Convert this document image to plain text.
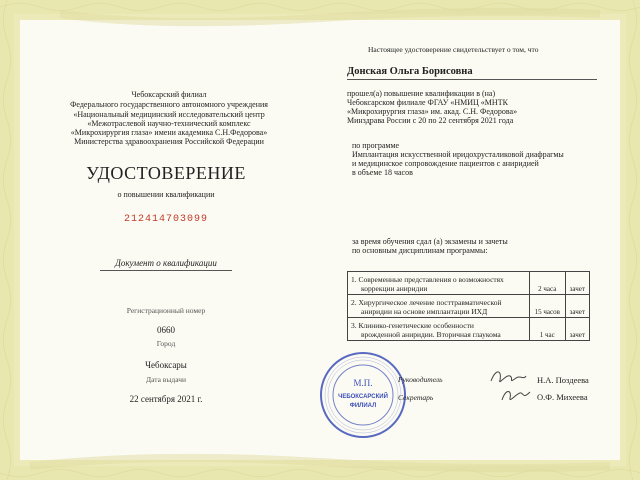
Чебоксарский филиал
Федерального государственного автономного учреждения
«Национальный медицинский исследовательский центр
«Межотраслевой научно-технический комплекс
«Микрохирургия глаза» имени академика С.Н.Федорова»
Министерства здравоохранения Российской Федерации
УДОСТОВЕРЕНИЕ
о повышении квалификации
212414703099
Документ о квалификации
Регистрационный номер
0660
Город
Чебоксары
Дата выдачи
22 сентября 2021 г.
Настоящее удостоверение свидетельствует о том, что
Донская Ольга Борисовна
прошел(а) повышение квалификации в (на)
Чебоксарском филиале ФГАУ «НМИЦ «МНТК
«Микрохирургия глаза» им. акад. С.Н. Федорова»
Минздрава России с 20 по 22 сентября 2021 года
по программе
Имплантация искусственной иридохрусталиковой диафрагмы
и медицинское сопровождение пациентов с аниридией
в объеме 18 часов
за время обучения сдал (а) экзамены и зачеты
по основным дисциплинам программы:
1. Современные представления о возможностях
коррекции аниридии	2 часа	зачет

2. Хирургическое лечение посттравматической
аниридии на основе имплантации ИХД	15 часов	зачет

3. Клинико-генетические особенности
врожденной аниридии. Вторичная глаукома	1 час	зачет
М.П.
ЧЕБОКСАРСКИЙ
ФИЛИАЛ
Руководитель	Н.А. Поздеева
Секретарь	О.Ф. Михеева
